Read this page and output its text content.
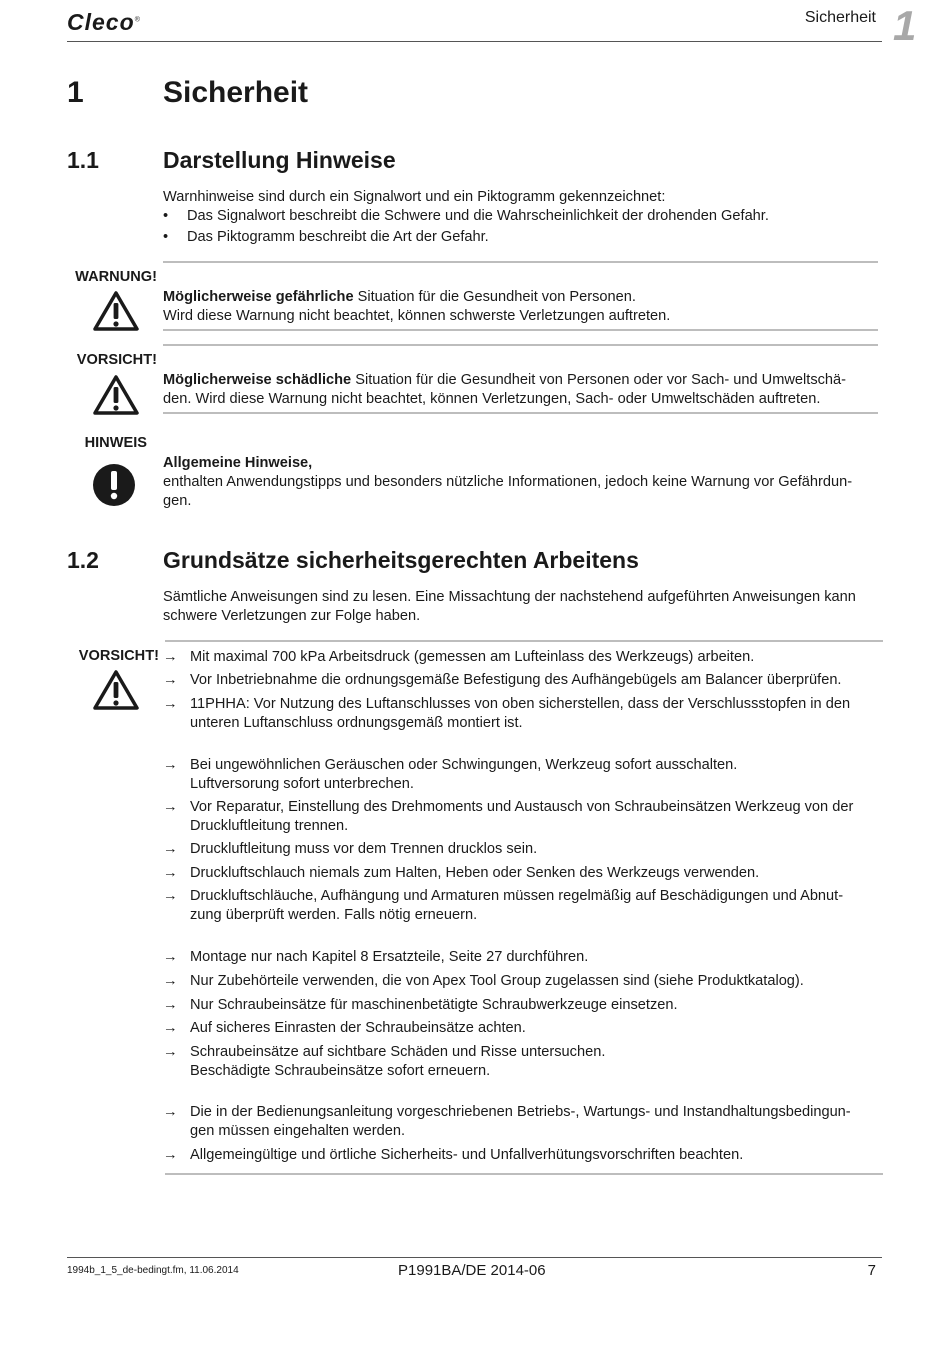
Cleco®	Sicherheit 1
1	Sicherheit
1.1	Darstellung Hinweise
Warnhinweise sind durch ein Signalwort und ein Piktogramm gekennzeichnet:
• Das Signalwort beschreibt die Schwere und die Wahrscheinlichkeit der drohenden Gefahr.
• Das Piktogramm beschreibt die Art der Gefahr.
WARNUNG!
Möglicherweise gefährliche Situation für die Gesundheit von Personen.
Wird diese Warnung nicht beachtet, können schwerste Verletzungen auftreten.
VORSICHT!
Möglicherweise schädliche Situation für die Gesundheit von Personen oder vor Sach- und Umweltschä-
den. Wird diese Warnung nicht beachtet, können Verletzungen, Sach- oder Umweltschäden auftreten.
HINWEIS
Allgemeine Hinweise,
enthalten Anwendungstipps und besonders nützliche Informationen, jedoch keine Warnung vor Gefährdun-
gen.
1.2	Grundsätze sicherheitsgerechten Arbeitens
Sämtliche Anweisungen sind zu lesen. Eine Missachtung der nachstehend aufgeführten Anweisungen kann
schwere Verletzungen zur Folge haben.
VORSICHT! → Mit maximal 700 kPa Arbeitsdruck (gemessen am Lufteinlass des Werkzeugs) arbeiten.
→ Vor Inbetriebnahme die ordnungsgemäße Befestigung des Aufhängebügels am Balancer überprüfen.
→ 11PHHA: Vor Nutzung des Luftanschlusses von oben sicherstellen, dass der Verschlussstopfen in den
unteren Luftanschluss ordnungsgemäß montiert ist.
→ Bei ungewöhnlichen Geräuschen oder Schwingungen, Werkzeug sofort ausschalten.
Luftversorung sofort unterbrechen.
→ Vor Reparatur, Einstellung des Drehmoments und Austausch von Schraubeinsätzen Werkzeug von der
Druckluftleitung trennen.
→ Druckluftleitung muss vor dem Trennen drucklos sein.
→ Druckluftschlauch niemals zum Halten, Heben oder Senken des Werkzeugs verwenden.
→ Druckluftschläuche, Aufhängung und Armaturen müssen regelmäßig auf Beschädigungen und Abnut-
zung überprüft werden. Falls nötig erneuern.
→ Montage nur nach Kapitel 8 Ersatzteile, Seite 27 durchführen.
→ Nur Zubehörteile verwenden, die von Apex Tool Group zugelassen sind (siehe Produktkatalog).
→ Nur Schraubeinsätze für maschinenbetätigte Schraubwerkzeuge einsetzen.
→ Auf sicheres Einrasten der Schraubeinsätze achten.
→ Schraubeinsätze auf sichtbare Schäden und Risse untersuchen.
Beschädigte Schraubeinsätze sofort erneuern.
→ Die in der Bedienungsanleitung vorgeschriebenen Betriebs-, Wartungs- und Instandhaltungsbedingun-
gen müssen eingehalten werden.
→ Allgemeingültige und örtliche Sicherheits- und Unfallverhütungsvorschriften beachten.
1994b_1_5_de-bedingt.fm, 11.06.2014	P1991BA/DE 2014-06	7
